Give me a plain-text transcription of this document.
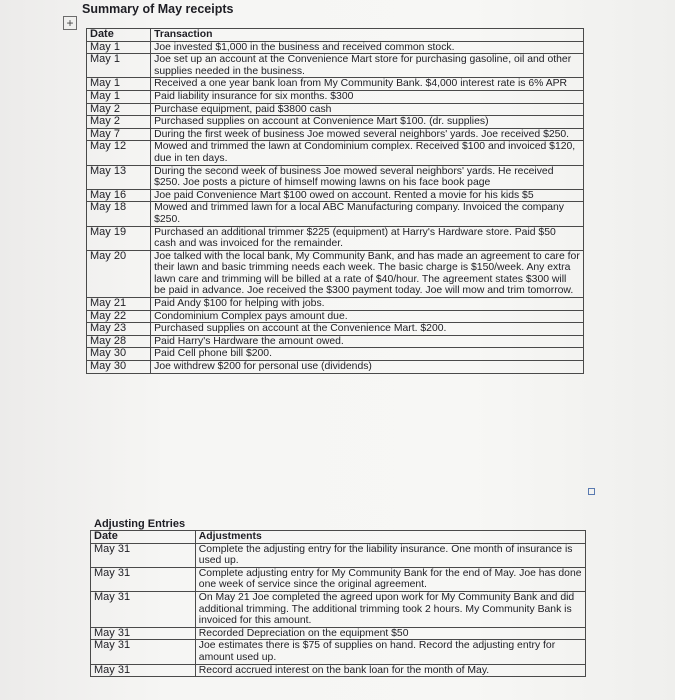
+
Summary of May receipts
Date	Transaction
May 1	Joe invested $1,000 in the business and received common stock.
May 1	Joe set up an account at the Convenience Mart store for purchasing gasoline, oil and other supplies needed in the business.
May 1	Received a one year bank loan from My Community Bank. $4,000 interest rate is 6% APR
May 1	Paid liability insurance for six months. $300
May 2	Purchase equipment, paid $3800 cash
May 2	Purchased supplies on account at Convenience Mart $100. (dr. supplies)
May 7	During the first week of business Joe mowed several neighbors' yards. Joe received $250.
May 12	Mowed and trimmed the lawn at Condominium complex. Received $100 and invoiced $120, due in ten days.
May 13	During the second week of business Joe mowed several neighbors' yards. He received $250. Joe posts a picture of himself mowing lawns on his face book page
May 16	Joe paid Convenience Mart $100 owed on account. Rented a movie for his kids $5
May 18	Mowed and trimmed lawn for a local ABC Manufacturing company. Invoiced the company $250.
May 19	Purchased an additional trimmer $225 (equipment) at Harry's Hardware store. Paid $50 cash and was invoiced for the remainder.
May 20	Joe talked with the local bank, My Community Bank, and has made an agreement to care for their lawn and basic trimming needs each week. The basic charge is $150/week. Any extra lawn care and trimming will be billed at a rate of $40/hour. The agreement states $300 will be paid in advance. Joe received the $300 payment today. Joe will mow and trim tomorrow.
May 21	Paid Andy $100 for helping with jobs.
May 22	Condominium Complex pays amount due.
May 23	Purchased supplies on account at the Convenience Mart. $200.
May 28	Paid Harry's Hardware the amount owed.
May 30	Paid Cell phone bill $200.
May 30	Joe withdrew $200 for personal use (dividends)
Adjusting Entries
Date	Adjustments
May 31	Complete the adjusting entry for the liability insurance. One month of insurance is used up.
May 31	Complete adjusting entry for My Community Bank for the end of May. Joe has done one week of service since the original agreement.
May 31	On May 21 Joe completed the agreed upon work for My Community Bank and did additional trimming. The additional trimming took 2 hours. My Community Bank is invoiced for this amount.
May 31	Recorded Depreciation on the equipment $50
May 31	Joe estimates there is $75 of supplies on hand. Record the adjusting entry for amount used up.
May 31	Record accrued interest on the bank loan for the month of May.
